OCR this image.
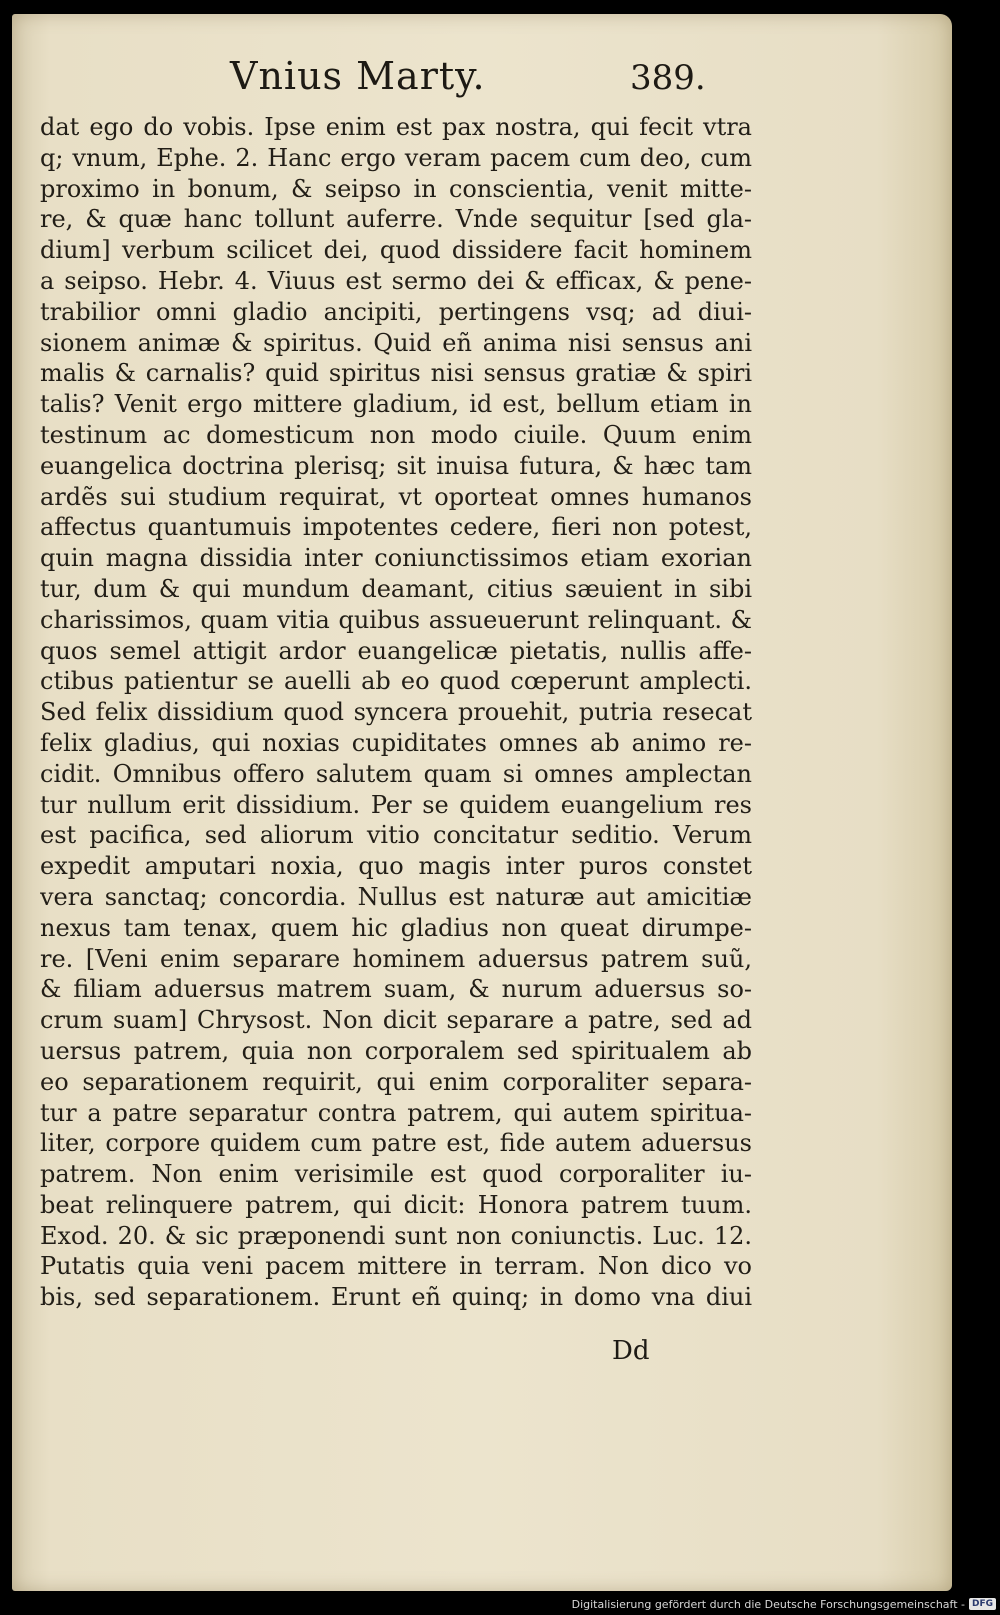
Vnius Marty.	389.
dat ego do vobis. Ipse enim est pax nostra, qui fecit vtra
q; vnum, Ephe. 2. Hanc ergo veram pacem cum deo, cum
proximo in bonum, & seipso in conscientia, venit mitte-
re, & quæ hanc tollunt auferre. Vnde sequitur [sed gla-
dium] verbum scilicet dei, quod dissidere facit hominem
a seipso. Hebr. 4. Viuus est sermo dei & efficax, & pene-
trabilior omni gladio ancipiti, pertingens vsq; ad diui-
sionem animæ & spiritus. Quid eñ anima nisi sensus ani
malis & carnalis? quid spiritus nisi sensus gratiæ & spiri
talis? Venit ergo mittere gladium, id est, bellum etiam in
testinum ac domesticum non modo ciuile. Quum enim
euangelica doctrina plerisq; sit inuisa futura, & hæc tam
ardẽs sui studium requirat, vt oporteat omnes humanos
affectus quantumuis impotentes cedere, fieri non potest,
quin magna dissidia inter coniunctissimos etiam exorian
tur, dum & qui mundum deamant, citius sæuient in sibi
charissimos, quam vitia quibus assueuerunt relinquant. &
quos semel attigit ardor euangelicæ pietatis, nullis affe-
ctibus patientur se auelli ab eo quod cœperunt amplecti.
Sed felix dissidium quod syncera prouehit, putria resecat
felix gladius, qui noxias cupiditates omnes ab animo re-
cidit. Omnibus offero salutem quam si omnes amplectan
tur nullum erit dissidium. Per se quidem euangelium res
est pacifica, sed aliorum vitio concitatur seditio. Verum
expedit amputari noxia, quo magis inter puros constet
vera sanctaq; concordia. Nullus est naturæ aut amicitiæ
nexus tam tenax, quem hic gladius non queat dirumpe-
re. [Veni enim separare hominem aduersus patrem suũ,
& filiam aduersus matrem suam, & nurum aduersus so-
crum suam] Chrysost. Non dicit separare a patre, sed ad
uersus patrem, quia non corporalem sed spiritualem ab
eo separationem requirit, qui enim corporaliter separa-
tur a patre separatur contra patrem, qui autem spiritua-
liter, corpore quidem cum patre est, fide autem aduersus
patrem. Non enim verisimile est quod corporaliter iu-
beat relinquere patrem, qui dicit: Honora patrem tuum.
Exod. 20. & sic præponendi sunt non coniunctis. Luc. 12.
Putatis quia veni pacem mittere in terram. Non dico vo
bis, sed separationem. Erunt eñ quinq; in domo vna diui
Dd
Digitalisierung gefördert durch die Deutsche Forschungsgemeinschaft - DFG
